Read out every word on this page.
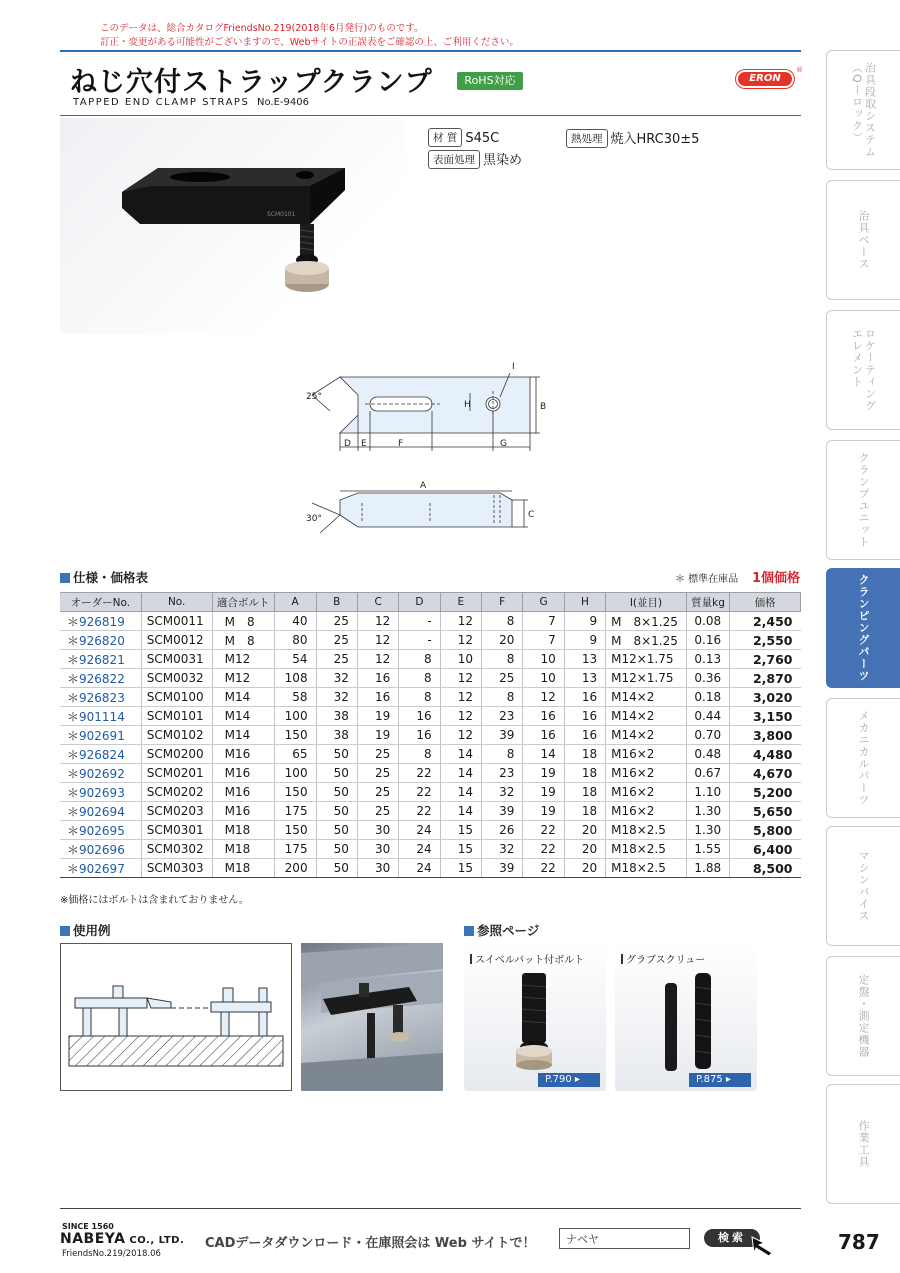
このデータは、総合カタログFriendsNo.219(2018年6月発行)のものです。
訂正・変更がある可能性がございますので、Webサイトの正誤表をご確認の上、ご利用ください。
ねじ穴付ストラップクランプ	RoHS対応	ERON
®
TAPPED END CLAMP STRAPS No.E-9406
SCM0101
材 質 S45C	熱処理 焼入HRC30±5
表面処理 黒染め
25°
D E	F	G
H	B
I
A
C
30°
仕様・価格表	＊ 標準在庫品 1個価格
オーダーNo.	No.	適合ボルト	A	B	C	D	E	F	G	H	I(並目)	質量kg	価格
＊926819	SCM0011	M　8	40	25	12	-	12	8	7	9	M　8×1.25	0.08	2,450
＊926820	SCM0012	M　8	80	25	12	-	12	20	7	9	M　8×1.25	0.16	2,550
＊926821	SCM0031	M12	54	25	12	8	10	8	10	13	M12×1.75	0.13	2,760
＊926822	SCM0032	M12	108	32	16	8	12	25	10	13	M12×1.75	0.36	2,870
＊926823	SCM0100	M14	58	32	16	8	12	8	12	16	M14×2	0.18	3,020
＊901114	SCM0101	M14	100	38	19	16	12	23	16	16	M14×2	0.44	3,150
＊902691	SCM0102	M14	150	38	19	16	12	39	16	16	M14×2	0.70	3,800
＊926824	SCM0200	M16	65	50	25	8	14	8	14	18	M16×2	0.48	4,480
＊902692	SCM0201	M16	100	50	25	22	14	23	19	18	M16×2	0.67	4,670
＊902693	SCM0202	M16	150	50	25	22	14	32	19	18	M16×2	1.10	5,200
＊902694	SCM0203	M16	175	50	25	22	14	39	19	18	M16×2	1.30	5,650
＊902695	SCM0301	M18	150	50	30	24	15	26	22	20	M18×2.5	1.30	5,800
＊902696	SCM0302	M18	175	50	30	24	15	32	22	20	M18×2.5	1.55	6,400
＊902697	SCM0303	M18	200	50	30	24	15	39	22	20	M18×2.5	1.88	8,500
※価格にはボルトは含まれておりません。
使用例	参照ページ
スイベルパット付ボルト
P.790 ▸
グラブスクリュー
P.875 ▸
治具段取システム
（Qーロック）
治具ベース
ロケーティング
エレメント
クランプユニット
クランピングパーツ
メカニカルパーツ
マシンバイス
定盤・測定機器
作業工具
SINCE 1560
NABEYA CO., LTD.
FriendsNo.219/2018.06
CADデータダウンロード・在庫照会は Web サイトで！
ナベヤ	検索	787
